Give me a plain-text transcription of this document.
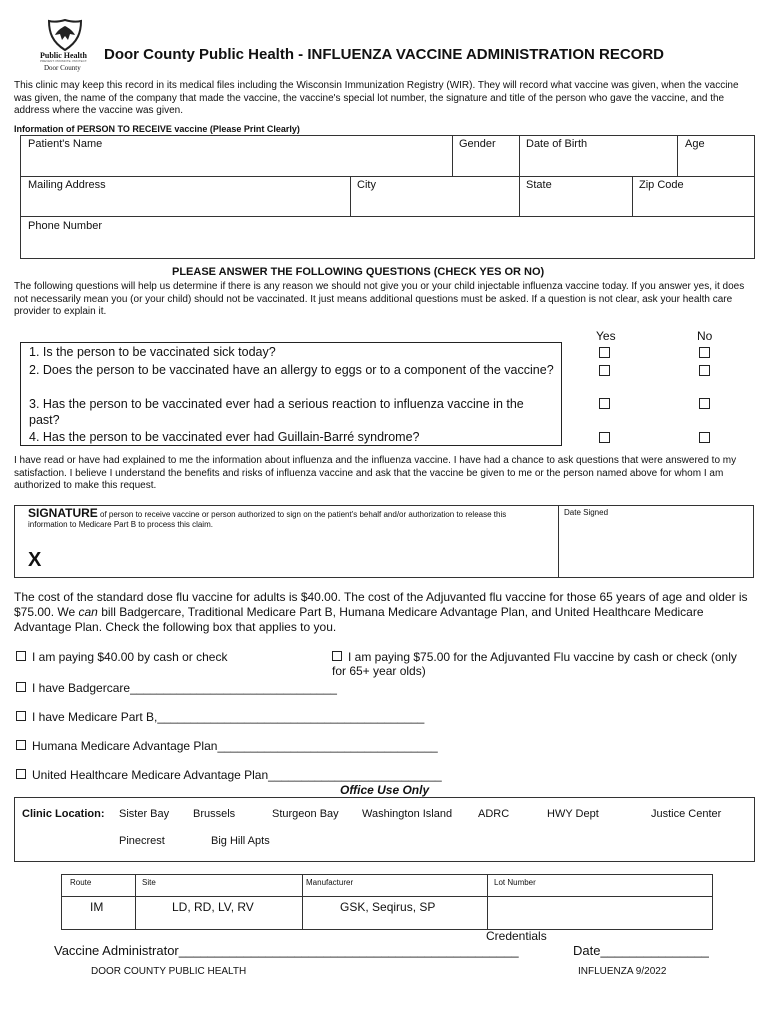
Public Health
PREVENT. PROMOTE. PROTECT.
Door County
Door County Public Health - INFLUENZA VACCINE ADMINISTRATION RECORD
This clinic may keep this record in its medical files including the Wisconsin Immunization Registry (WIR). They will record what vaccine was given, when the vaccine was given, the name of the company that made the vaccine, the vaccine's special lot number, the signature and title of the person who gave the vaccine, and the address where the vaccine was given.
Information of PERSON TO RECEIVE vaccine (Please Print Clearly)
Patient's Name	Gender	Date of Birth	Age
Mailing Address	City	State	Zip Code
Phone Number
PLEASE ANSWER THE FOLLOWING QUESTIONS (CHECK YES OR NO)
The following questions will help us determine if there is any reason we should not give you or your child injectable influenza vaccine today. If you answer yes, it does not necessarily mean you (or your child) should not be vaccinated. It just means additional questions must be asked. If a question is not clear, ask your health care provider to explain it.
Yes	No
1. Is the person to be vaccinated sick today?
2. Does the person to be vaccinated have an allergy to eggs or to a component of the vaccine?
3. Has the person to be vaccinated ever had a serious reaction to influenza vaccine in the past?
4. Has the person to be vaccinated ever had Guillain-Barré syndrome?
I have read or have had explained to me the information about influenza and the influenza vaccine. I have had a chance to ask questions that were answered to my satisfaction. I believe I understand the benefits and risks of influenza vaccine and ask that the vaccine be given to me or the person named above for whom I am authorized to make this request.
SIGNATURE of person to receive vaccine or person authorized to sign on the patient's behalf and/or authorization to release this information to Medicare Part B to process this claim.
X
Date Signed
The cost of the standard dose flu vaccine for adults is $40.00. The cost of the Adjuvanted flu vaccine for those 65 years of age and older is $75.00. We can bill Badgercare, Traditional Medicare Part B, Humana Medicare Advantage Plan, and United Healthcare Medicare Advantage Plan. Check the following box that applies to you.
I am paying $40.00 by cash or check	I am paying $75.00 for the Adjuvanted Flu vaccine by cash or check (only for 65+ year olds)
I have Badgercare_______________________________
I have Medicare Part B,________________________________________
Humana Medicare Advantage Plan_________________________________
United Healthcare Medicare Advantage Plan__________________________
Office Use Only
Clinic Location: Sister Bay Brussels	Sturgeon Bay Washington Island ADRC	HWY Dept	Justice Center
Pinecrest	Big Hill Apts
Route	Site	Manufacturer	Lot Number
IM	LD, RD, LV, RV	GSK, Seqirus, SP
Credentials
Vaccine Administrator_______________________________________________	Date_______________
DOOR COUNTY PUBLIC HEALTH	INFLUENZA 9/2022
